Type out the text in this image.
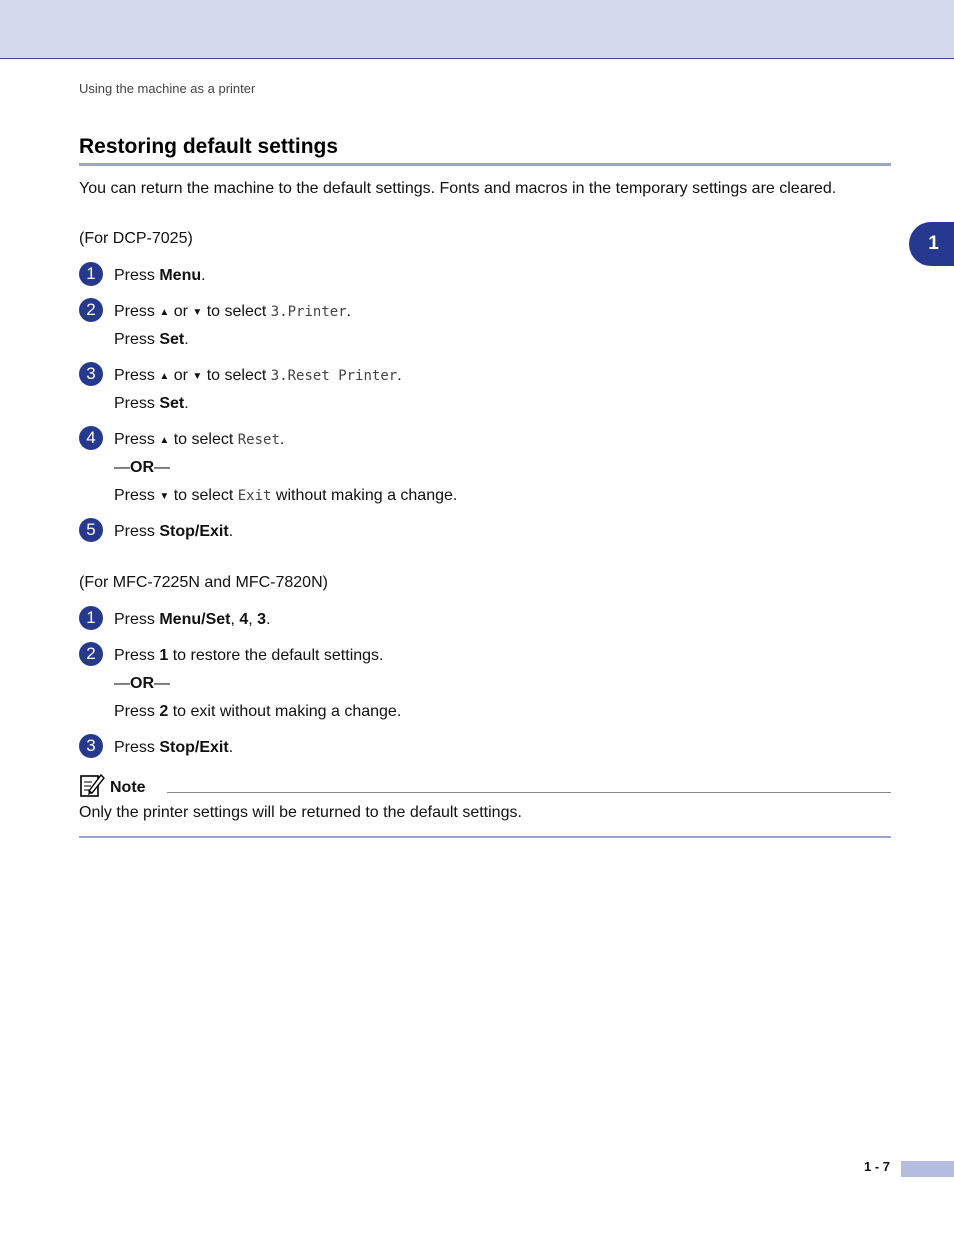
Using the machine as a printer
Restoring default settings
You can return the machine to the default settings. Fonts and macros in the temporary settings are cleared.
1
(For DCP-7025)
1	Press Menu.
2	Press ▲ or ▼ to select 3.Printer.
Press Set.
3	Press ▲ or ▼ to select 3.Reset Printer.
Press Set.
4	Press ▲ to select Reset.
—OR—
Press ▼ to select Exit without making a change.
5	Press Stop/Exit.
(For MFC-7225N and MFC-7820N)
1	Press Menu/Set, 4, 3.
2	Press 1 to restore the default settings.
—OR—
Press 2 to exit without making a change.
3	Press Stop/Exit.
Note
Only the printer settings will be returned to the default settings.
1 - 7
